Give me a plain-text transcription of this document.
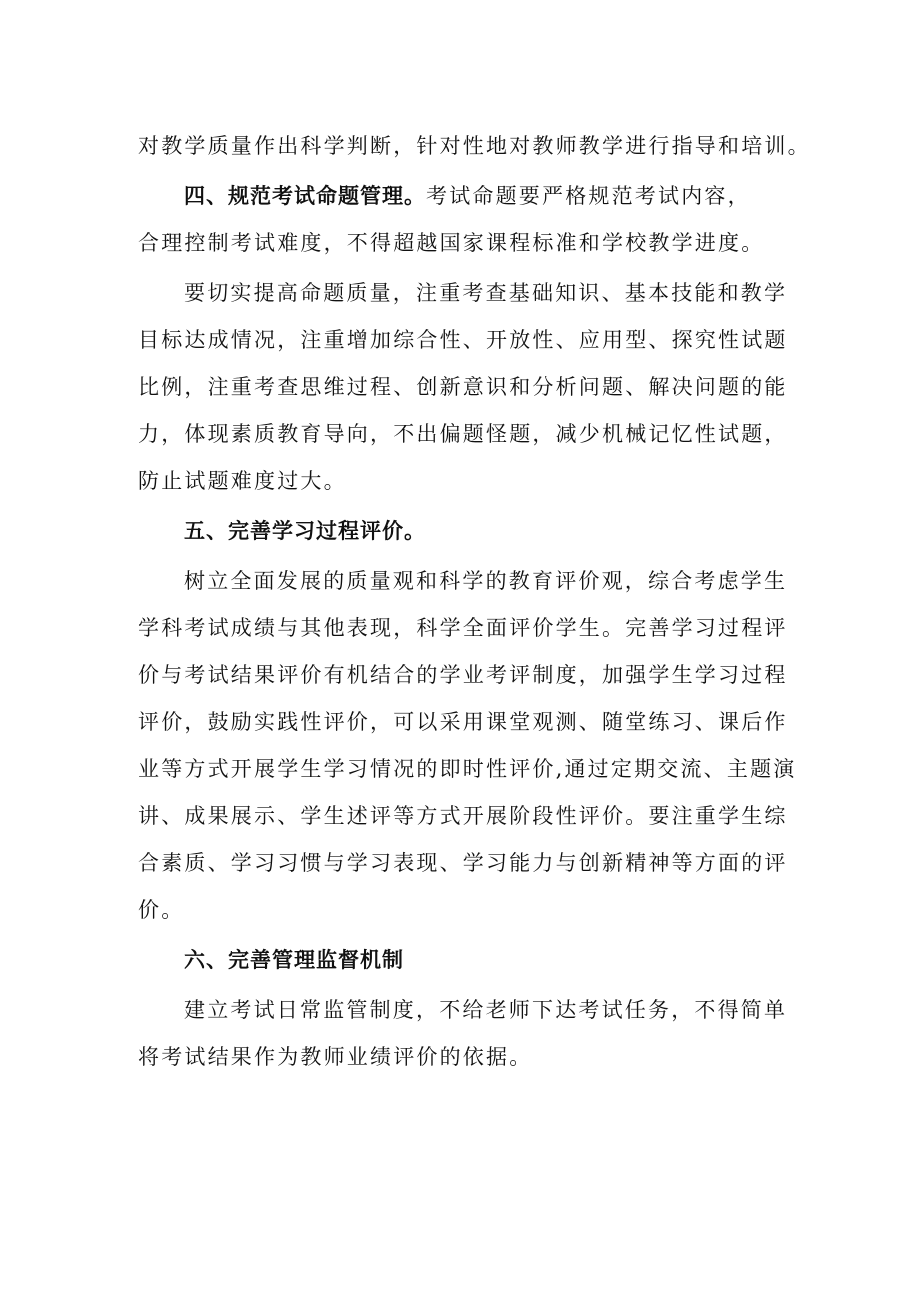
对教学质量作出科学判断，针对性地对教师教学进行指导和培训。

四、规范考试命题管理。考试命题要严格规范考试内容，

合理控制考试难度，不得超越国家课程标准和学校教学进度。

要切实提高命题质量，注重考查基础知识、基本技能和教学

目标达成情况，注重增加综合性、开放性、应用型、探究性试题

比例，注重考查思维过程、创新意识和分析问题、解决问题的能

力，体现素质教育导向，不出偏题怪题，减少机械记忆性试题，

防止试题难度过大。

五、完善学习过程评价。

树立全面发展的质量观和科学的教育评价观，综合考虑学生

学科考试成绩与其他表现，科学全面评价学生。完善学习过程评

价与考试结果评价有机结合的学业考评制度，加强学生学习过程

评价，鼓励实践性评价，可以采用课堂观测、随堂练习、课后作

业等方式开展学生学习情况的即时性评价,通过定期交流、主题演

讲、成果展示、学生述评等方式开展阶段性评价。要注重学生综

合素质、学习习惯与学习表现、学习能力与创新精神等方面的评

价。

六、完善管理监督机制

建立考试日常监管制度，不给老师下达考试任务，不得简单

将考试结果作为教师业绩评价的依据。
